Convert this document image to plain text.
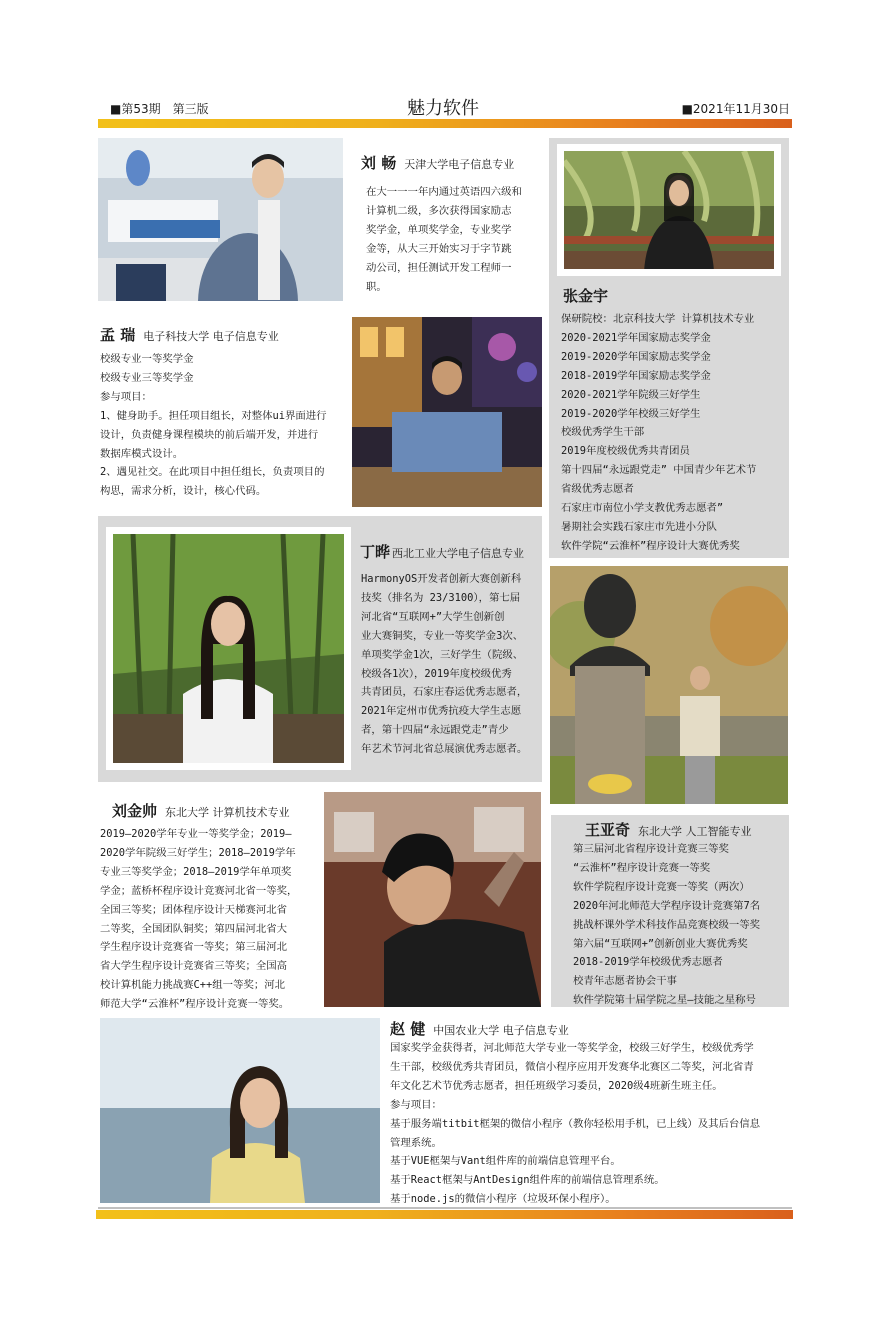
■第53期　第三版	魅力软件	■2021年11月30日
刘 畅 天津大学电子信息专业
在大一一一年内通过英语四六级和
计算机二级，多次获得国家励志
奖学金，单项奖学金，专业奖学
金等，从大三开始实习于字节跳
动公司，担任测试开发工程师一
职。
张金宇
保研院校：北京科技大学 计算机技术专业
2020-2021学年国家励志奖学金
2019-2020学年国家励志奖学金
2018-2019学年国家励志奖学金
2020-2021学年院级三好学生
2019-2020学年校级三好学生
校级优秀学生干部
2019年度校级优秀共青团员
第十四届“永远跟党走” 中国青少年艺术节
省级优秀志愿者
石家庄市南位小学支教优秀志愿者”
暑期社会实践石家庄市先进小分队
软件学院“云淮杯”程序设计大赛优秀奖
孟 瑞 电子科技大学 电子信息专业
校级专业一等奖学金
校级专业三等奖学金
参与项目：
1、健身助手。担任项目组长，对整体ui界面进行
设计，负责健身课程模块的前后端开发，并进行
数据库模式设计。
2、遇见社交。在此项目中担任组长，负责项目的
构思，需求分析，设计，核心代码。
丁晔 西北工业大学电子信息专业
HarmonyOS开发者创新大赛创新科
技奖（排名为 23/3100），第七届
河北省“互联网+”大学生创新创
业大赛铜奖，专业一等奖学金3次、
单项奖学金1次，三好学生（院级、
校级各1次），2019年度校级优秀
共青团员，石家庄春运优秀志愿者，
2021年定州市优秀抗疫大学生志愿
者，第十四届“永远跟党走”青少
年艺术节河北省总展演优秀志愿者。
刘金帅 东北大学 计算机技术专业
2019—2020学年专业一等奖学金；2019—
2020学年院级三好学生；2018—2019学年
专业三等奖学金；2018—2019学年单项奖
学金；蓝桥杯程序设计竞赛河北省一等奖，
全国三等奖；团体程序设计天梯赛河北省
二等奖，全国团队铜奖；第四届河北省大
学生程序设计竞赛省一等奖；第三届河北
省大学生程序设计竞赛省三等奖；全国高
校计算机能力挑战赛C++组一等奖；河北
师范大学“云淮杯”程序设计竞赛一等奖。
王亚奇 东北大学 人工智能专业
第三届河北省程序设计竞赛三等奖
“云淮杯”程序设计竞赛一等奖
软件学院程序设计竞赛一等奖（两次）
2020年河北师范大学程序设计竞赛第7名
挑战杯课外学术科技作品竞赛校级一等奖
第六届“互联网+”创新创业大赛优秀奖
2018-2019学年校级优秀志愿者
校青年志愿者协会干事
软件学院第十届学院之星—技能之星称号
赵 健 中国农业大学 电子信息专业
国家奖学金获得者，河北师范大学专业一等奖学金，校级三好学生，校级优秀学
生干部，校级优秀共青团员，微信小程序应用开发赛华北赛区二等奖，河北省青
年文化艺术节优秀志愿者，担任班级学习委员，2020级4班新生班主任。
参与项目：
基于服务端titbit框架的微信小程序（教你轻松用手机，已上线）及其后台信息
管理系统。
基于VUE框架与Vant组件库的前端信息管理平台。
基于React框架与AntDesign组件库的前端信息管理系统。
基于node.js的微信小程序（垃圾环保小程序）。
